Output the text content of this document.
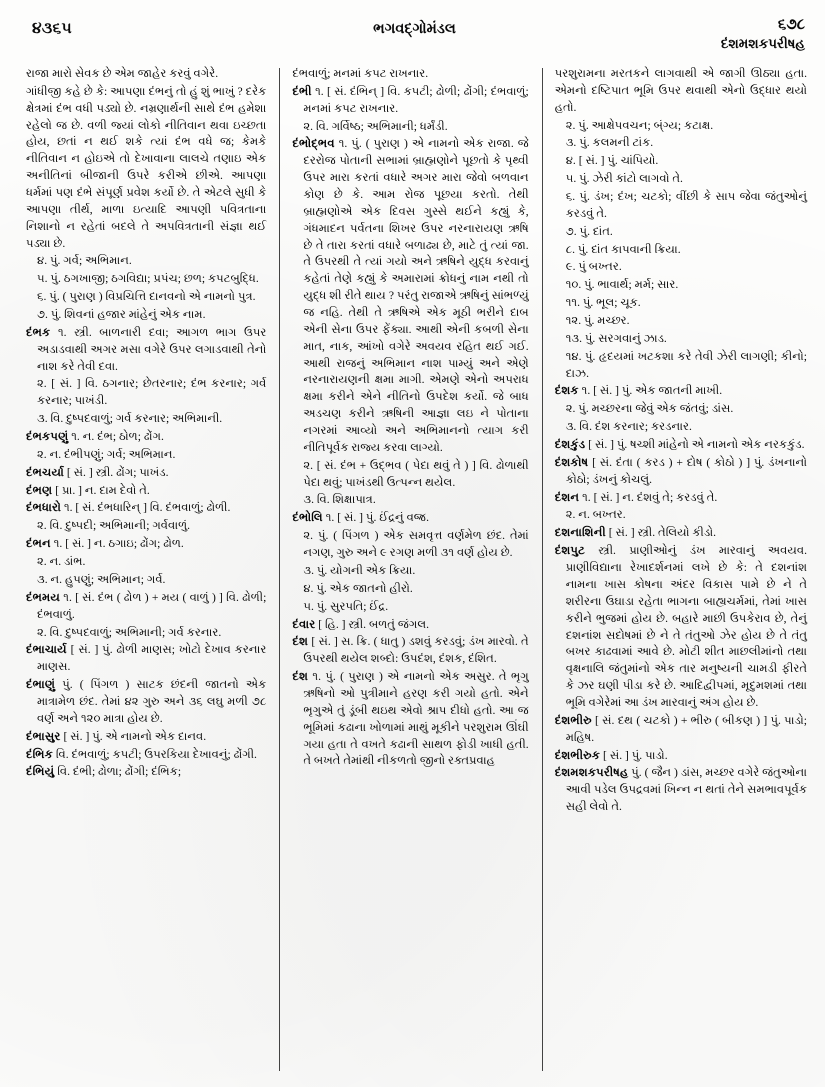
૪૩૬૫	ભગવદ્ગોમંડલ	૬૭૮
દંશમશકપરીષહ
રાજા મારો સેવક છે એમ જાહેર કરવું વગેરે.
ગાંધીજી કહે છે કે: આપણા દંભનું તો હું શું ભાખું ? દરેક ક્ષેત્રમાં દંભ વધી પડ્યો છે. નમ્રણાર્થની સાથે દંભ હમેશા રહેલો જ છે. વળી જ્યાં લોકો નીતિવાન થવા ઇચ્છતા હોય, છતાં ન થઈ શકે ત્યાં દંભ વધે જ; કેમકે નીતિવાન ન હોઇએ તો દેખાવાના લાલચે તણાઇ એક અનીતિનાં બીજાની ઉપરે કરીએ છીએ. આપણા ધર્મમાં પણ દંભે સંપૂર્ણ પ્રવેશ કર્યો છે. તે એટલે સુધી કે આપણા તીર્થ, માળા ઇત્યાદિ આપણી પવિત્રતાના નિશાનો ન રહેતાં બદલે તે અપવિત્રતાની સંજ્ઞા થઈ પડ્યા છે.
૪. પું. ગર્વ; અભિમાન.
૫. પું. ઠગખાજી; ઠગવિદ્યા; પ્રપંચ; છળ; કપટબુદ્ધિ.
૬. પું. ( પુરાણ ) વિપ્રચિત્તિ દાનવનો એ નામનો પુત્ર.
૭. પું. શિવનાં હજાર માંહેનું એક નામ.
દંભક ૧. સ્ત્રી. બાળનારી દવા; આગળ ભાગ ઉપર અડાડવાથી અગર મસા વગેરે ઉપર લગાડવાથી તેનો નાશ કરે તેવી દવા.
૨. [ સં. ] વિ. ઠગનાર; છેતરનાર; દંભ કરનાર; ગર્વ કરનાર; પાખંડી.
૩. વિ. દુષ્પદવાળું; ગર્વ કરનાર; અભિમાની.
દંભકપણું ૧. ન. દંભ; ઠોળ; ઢોંગ.
૨. ન. દંભીપણું; ગર્વ; અભિમાન.
દંભચર્યા [ સં. ] સ્ત્રી. ઢોંગ; પાખંડ.
દંભણ [ પ્રા. ] ન. દામ દેવો તે.
દંભધારો ૧. [ સં. દંભધારિન્ ] વિ. દંભવાળું; ઢોળી.
૨. વિ. દુષ્પદી; અભિમાની; ગર્વવાળું.
દંભન ૧. [ સં. ] ન. ઠગાઇ; ઢોંગ; ઢોળ.
૨. ન. ડાંભ.
૩. ન. હુપણું; અભિમાન; ગર્વ.
દંભમય ૧. [ સં. દંભ ( ઢોળ ) + મય ( વાળું ) ] વિ. ઢોળી; દંભવાળું.
૨. વિ. દુષ્પદવાળું; અભિમાની; ગર્વ કરનાર.
દંભાચાર્ય [ સં. ] પું. ઢોળી માણસ; ખોટો દેખાવ કરનાર માણસ.
દંભાણું પું. ( પિંગળ ) સાટક છંદની જાતનો એક માત્રામેળ છંદ. તેમાં ૪૨ ગુરુ અને ૩૬ લઘુ મળી ૭૮ વર્ણ અને ૧૨૦ માત્રા હોય છે.
દંભાસુર [ સં. ] પું. એ નામનો એક દાનવ.
દંભિક વિ. દંભવાળું; કપટી; ઉપરકિયા દેખાવનું; ઢોંગી.
દંભિયું વિ. દંભી; ઢોળા; ઢોંગી; દંભિક;
દંભવાળું; મનમાં કપટ રાખનાર.
દંભી ૧. [ સં. દંભિન્ ] વિ. કપટી; ઢોળી; ઢોંગી; દંભવાળું; મનમાં કપટ રાખનાર.
૨. વિ. ગર્વિષ્ઠ; અભિમાની; ધર્મંડી.
દંભોદ્ભવ ૧. પું. ( પુરાણ ) એ નામનો એક રાજા. જે દરરોજ પોતાની સભામાં બ્રાહ્મણોને પૂછતો કે પૃથ્વી ઉપર મારા કરતાં વધારે અગર મારા જેવો બળવાન કોણ છે કે. આમ રોજ પૂછયા કરતો. તેથી બ્રાહ્મણોએ એક દિવસ ગુસ્સે થઈને કહ્યું કે, ગંધમાદન પર્વતના શિખર ઉપર નરનારાયણ ઋષિ છે તે તારા કરતાં વધારે બળાઢ્ય છે, માટે તું ત્યાં જા. તે ઉપરથી તે ત્યાં ગયો અને ઋષિને યુદ્ધ કરવાનું કહેતાં તેણે કહ્યું કે અમારામાં ક્રોધનું નામ નથી તો યુદ્ધ શી રીતે થાય ? પરંતુ રાજાએ ઋષિનું સાંભળ્યું જ નહિ. તેથી તે ઋષિએ એક મૂઠી ભરીને દાબ એની સેના ઉપર ફેંક્યા. આથી એની કબળી સેના માત, નાક, આંખો વગેરે અવયવ રહિત થઈ ગઈ. આથી રાજનું અભિમાન નાશ પામ્યું અને એણે નરનારાયણની ક્ષમા માગી. એમણે એનો અપરાધ ક્ષમા કરીને એને નીતિનો ઉપદેશ કર્યો. જે બાધ અડચણ કરીને ઋષિની આજ્ઞા લઇ ને પોતાના નગરમાં આવ્યો અને અભિમાનનો ત્યાગ કરી નીતિપૂર્વક રાજ્ય કરવા લાગ્યો.
૨. [ સં. દંભ + ઉદ્ભવ ( પેદા થવું તે ) ] વિ. ઢોળાથી પેદા થવું; પાખંડથી ઉત્પન્ન થયેલ.
૩. વિ. શિક્ષાપાત્ર.
દંભોલિ ૧. [ સં. ] પું. ઈંદ્રનું વજ્ર.
૨. પું. ( પિંગળ ) એક સમવૃત્ત વર્ણમેળ છંદ. તેમાં નગણ, ગુરુ અને ૯ રગણ મળી ૩૧ વર્ણ હોય છે.
૩. પું. યોગની એક ક્રિયા.
૪. પું. એક જાતનો હીરો.
૫. પું. સુરપતિ; ઈંદ્ર.
દંવાર [ હિ. ] સ્ત્રી. બળતું જંગલ.
દંશ [ સં. ] સ. ક્રિ. ( ધાતુ ) ડશવું કરડવું; ડંખ મારવો. તે ઉપરથી થયેલ શબ્દો: ઉપદંશ, દંશક, દંશિત.
દંશ ૧. પું. ( પુરાણ ) એ નામનો એક અસુર. તે ભૃગુ ઋષિનો ઓ પુત્રીમાને હરણ કરી ગયો હતો. એને ભૃગુએ તું ડૂંબી થઇથ એવો શ્રાપ દીધો હતો. આ જ ભૂમિમાં કઢાના ખોળામાં માથું મૂકીને પરશુરામ ઊંઘી ગયા હતા તે વખતે કઢાની સાથળ ફોડી ખાધી હતી. તે બખતે તેમાંથી નીકળતો જીનો રક્તપ્રવાહ
પરશુરામના મરતકને લાગવાથી એ જાગી ઊઠ્યા હતા. એમનો દષ્ટિપાત ભૂમિ ઉપર થવાથી એનો ઉદ્ધાર થયો હતો.
૨. પું. આક્ષેપવચન; બ્ંગ્ય; કટાક્ષ.
૩. પું. કલમની ટાંક.
૪. [ સં. ] પું. ચાંપિયો.
૫. પું. ઝેરી કાંટો લાગવો તે.
૬. પું. ડંખ; દંખ; ચટકો; વીંછી કે સાપ જેવા જંતુઓનું કરડવું તે.
૭. પું. દાંત.
૮. પું. દાંત કાપવાની ક્રિયા.
૯. પું બખ્તર.
૧૦. પું. ભાવાર્થ; મર્મ; સાર.
૧૧. પું. ભૂલ; ચૂક.
૧૨. પું. મચ્છર.
૧૩. પું. સરગવાનું ઝાડ.
૧૪. પું. હૃદયમાં ખટકશા કરે તેવી ઝેરી લાગણી; કીનો; દાઝ.
દંશક ૧. [ સં. ] પું. એક જાતની માખી.
૨. પું. મચ્છરના જેવું એક જંતવું; ડાંસ.
૩. વિ. દંશ કરનાર; કરડનાર.
દંશકુંડ [ સં. ] પું. ષચ્શી માંહેનો એ નામનો એક નરકકુંડ.
દંશકોષ [ સં. દંતા ( કરડ ) + દોષ ( કોઠો ) ] પું. ડંખનાનો કોઠો; ડંખનું કોચલું.
દંશન ૧. [ સં. ] ન. દંશવું તે; કરડવું તે.
૨. ન. બખ્તર.
દશનાશિની [ સં. ] સ્ત્રી. તેલિયો કીડો.
દંશપુટ સ્ત્રી. પ્રાણીઓનું ડંખ મારવાનું અવયવ. પ્રાણીવિદ્યાના રેખાદર્શનમાં લખે છે કે: તે દશનાંશ નામના ખાસ કોષના અંદર વિકાસ પામે છે ને તે શરીરના ઉઘાડા રહેતા ભાગના બાહ્યચર્મમાં, તેમાં ખાસ કરીને ભુજમાં હોય છે. બહારે માછી ઉપકેરાવ છે, તેનું દશનાંશ સદોષમાં છે ને તે તંતુઓ ઝેર હોય છે તે તંતુ બખર કાઢવામાં આવે છે. મોટી શીત માછલીમાંનો તથા વૃક્ષનાલિ જંતુમાંનો એક તાર મનુષ્યની ચામડી ફીરતે કે ઝર ઘણી પીડા કરે છે. આદિદ્વીપમાં, મૃદુમશમાં તથા ભૂમિ વગેરેમાં આ ડંખ મારવાનું અંગ હોય છે.
દંશભીરુ [ સં. દથ ( ચટકો ) + ભીરુ ( બીકણ ) ] પું. પાડો; મહિષ.
દંશભીરુક [ સં. ] પું. પાડો.
દંશમશકપરીષહ પું. ( જૈન ) ડાંસ, મચ્છર વગેરે જંતુઓના આવી પડેલ ઉપદ્રવમાં ખિન્ન ન થતાં તેને સમભાવપૂર્વક સહી લેવો તે.
